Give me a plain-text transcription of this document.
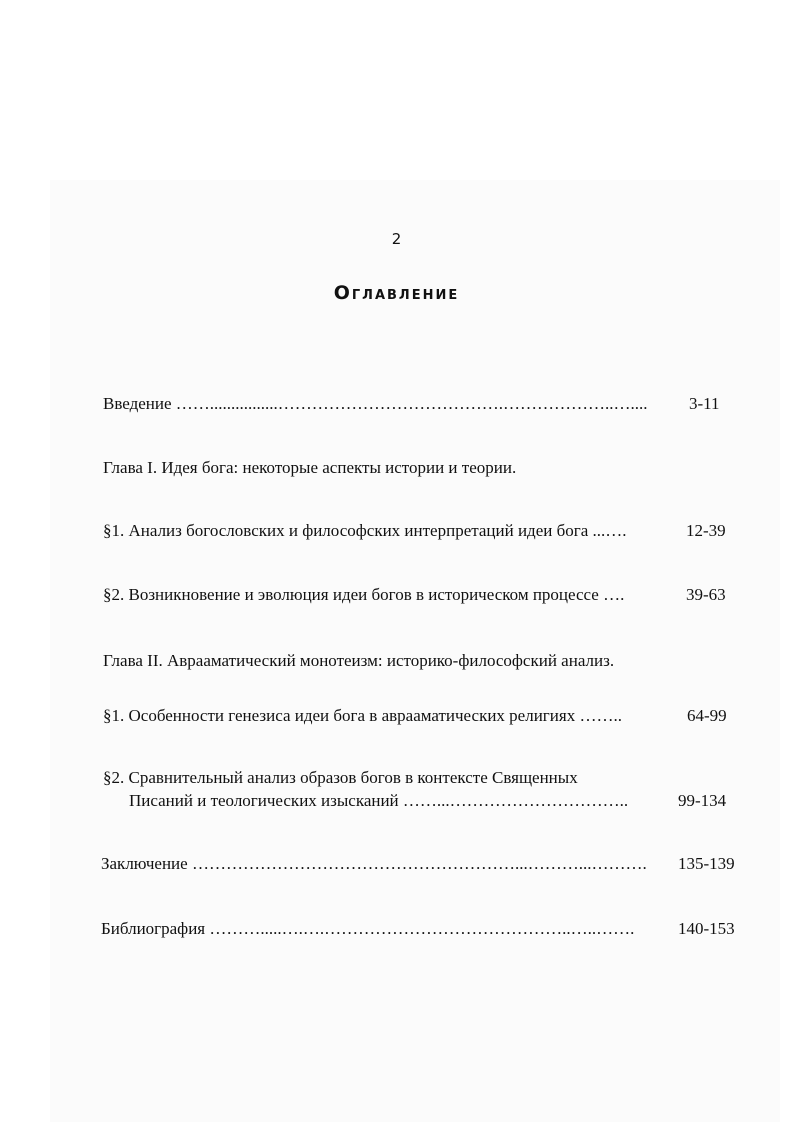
2
Оглавление
Введение ……................………………………………….………………..….... 3-11
Глава I. Идея бога: некоторые аспекты истории и теории.
§1. Анализ богословских и философских интерпретаций идеи бога ...….	12-39
§2. Возникновение и эволюция идеи богов в историческом процессе ….	39-63
Глава II. Аврааматический монотеизм: историко-философский анализ.
§1. Особенности генезиса идеи бога в аврааматических религиях ……..	64-99
§2. Сравнительный анализ образов богов в контексте Священных
Писаний и теологических изысканий ……...…………………………..	99-134
Заключение …………………………………………………...………...………. 135-139
Библиография ……….....….….……………………………………..…..…….	140-153
